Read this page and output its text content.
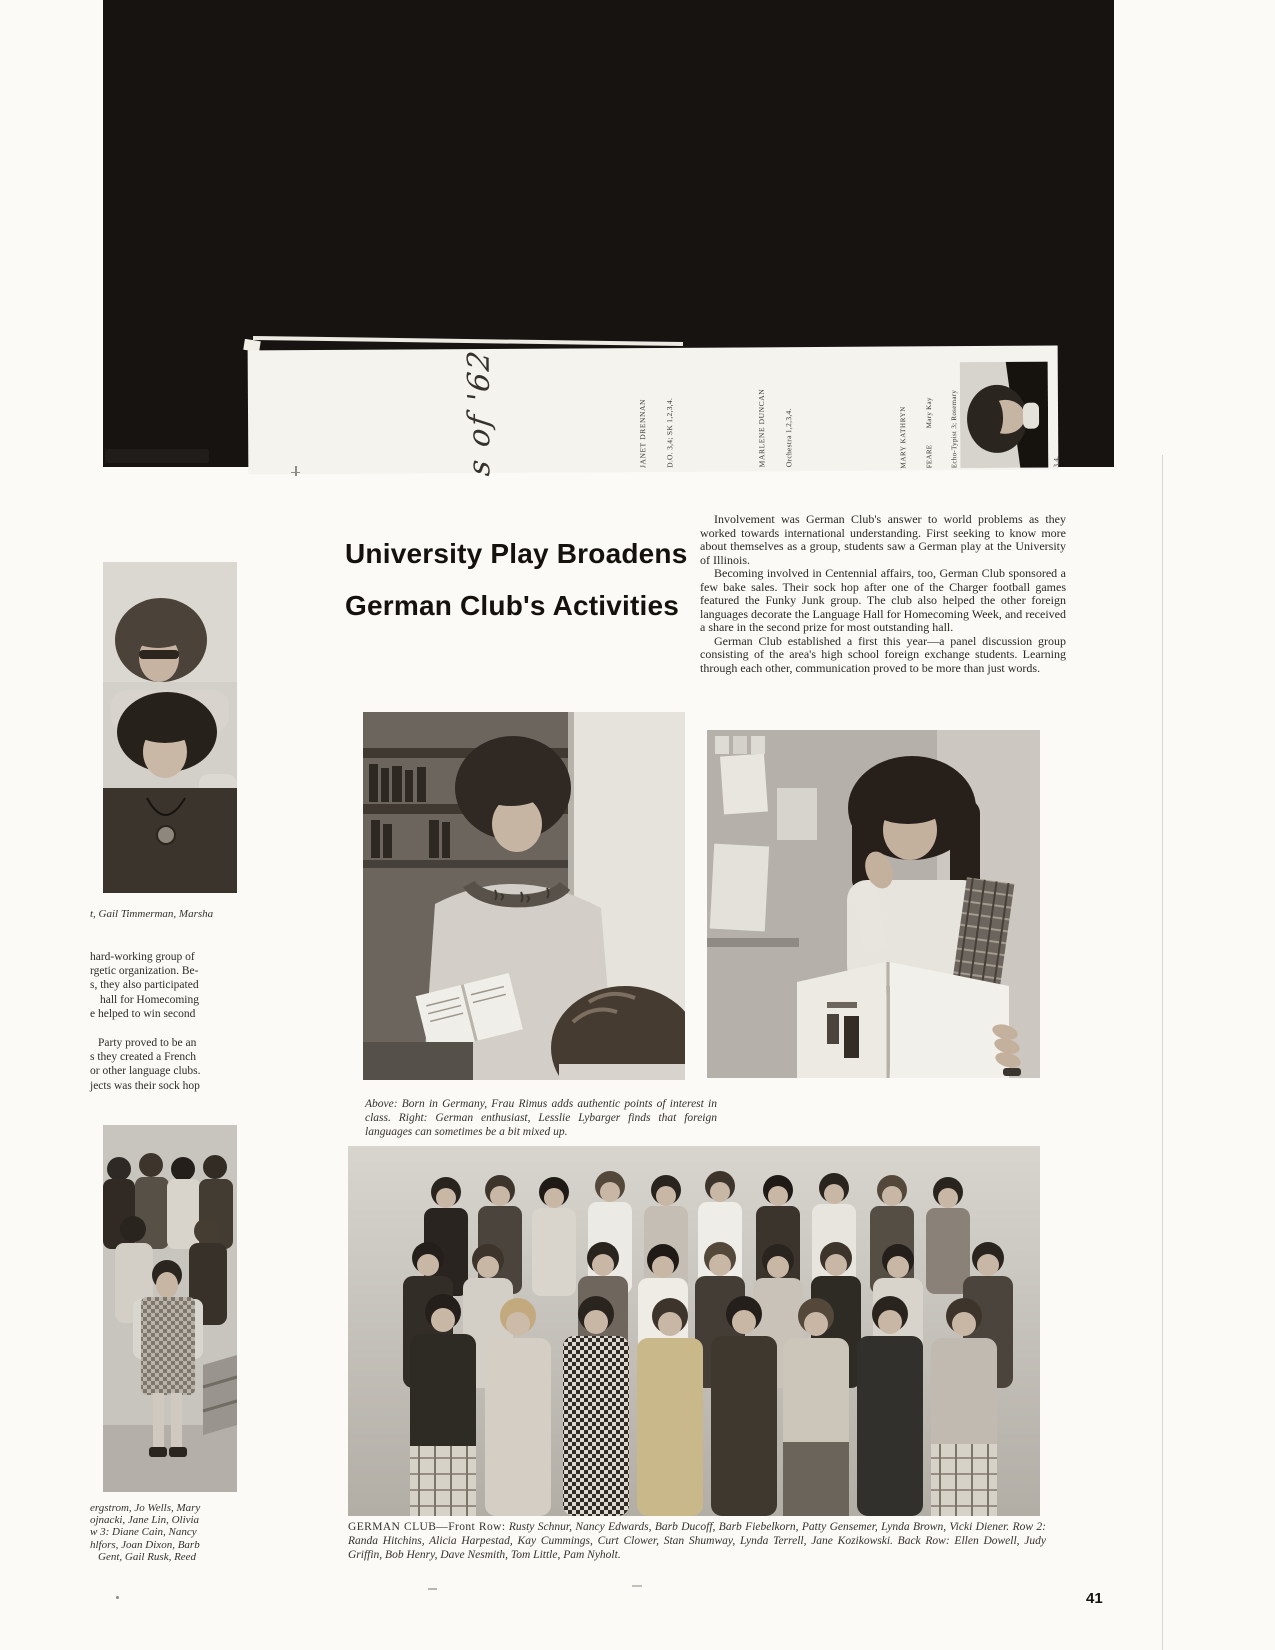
s of '62

	JANET DRENNAN

D.O. 3,4; SK 1,2,3,4.

	MARLENE DUNCAN

Orchestra 1,2,3,4.

	MARY KATHRYN

FEARE        Mary Kay

Echo-Typist 3; Rosemary

	3,4.

t, Gail Timmerman, Marsha
hard-working group of
rgetic organization. Be-
s, they also participated
hall for Homecoming
e helped to win second
Party proved to be an
s they created a French
or other language clubs.
jects was their sock hop
ergstrom, Jo Wells, Mary
ojnacki, Jane Lin, Olivia
w 3: Diane Cain, Nancy
hlfors, Joan Dixon, Barb
Gent, Gail Rusk, Reed
University Play Broadens
German Club's Activities

Involvement was German Club's answer to world problems as they worked towards international understanding. First seeking to know more about themselves as a group, students saw a German play at the University of Illinois.

Becoming involved in Centennial affairs, too, German Club sponsored a few bake sales. Their sock hop after one of the Charger football games featured the Funky Junk group. The club also helped the other foreign languages decorate the Language Hall for Homecoming Week, and received a share in the second prize for most outstanding hall.

German Club established a first this year—a panel discussion group consisting of the area's high school foreign exchange students. Learning through each other, communication proved to be more than just words.

Above: Born in Germany, Frau Rimus adds authentic points of interest in class. Right: German enthusiast, Lesslie Lybarger finds that foreign languages can sometimes be a bit mixed up.

GERMAN CLUB—Front Row: Rusty Schnur, Nancy Edwards, Barb Ducoff, Barb Fiebelkorn, Patty Gensemer, Lynda Brown, Vicki Diener. Row 2: Randa Hitchins, Alicia Harpestad, Kay Cummings, Curt Clower, Stan Shumway, Lynda Terrell, Jane Kozikowski. Back Row: Ellen Dowell, Judy Griffin, Bob Henry, Dave Nesmith, Tom Little, Pam Nyholt.

41
